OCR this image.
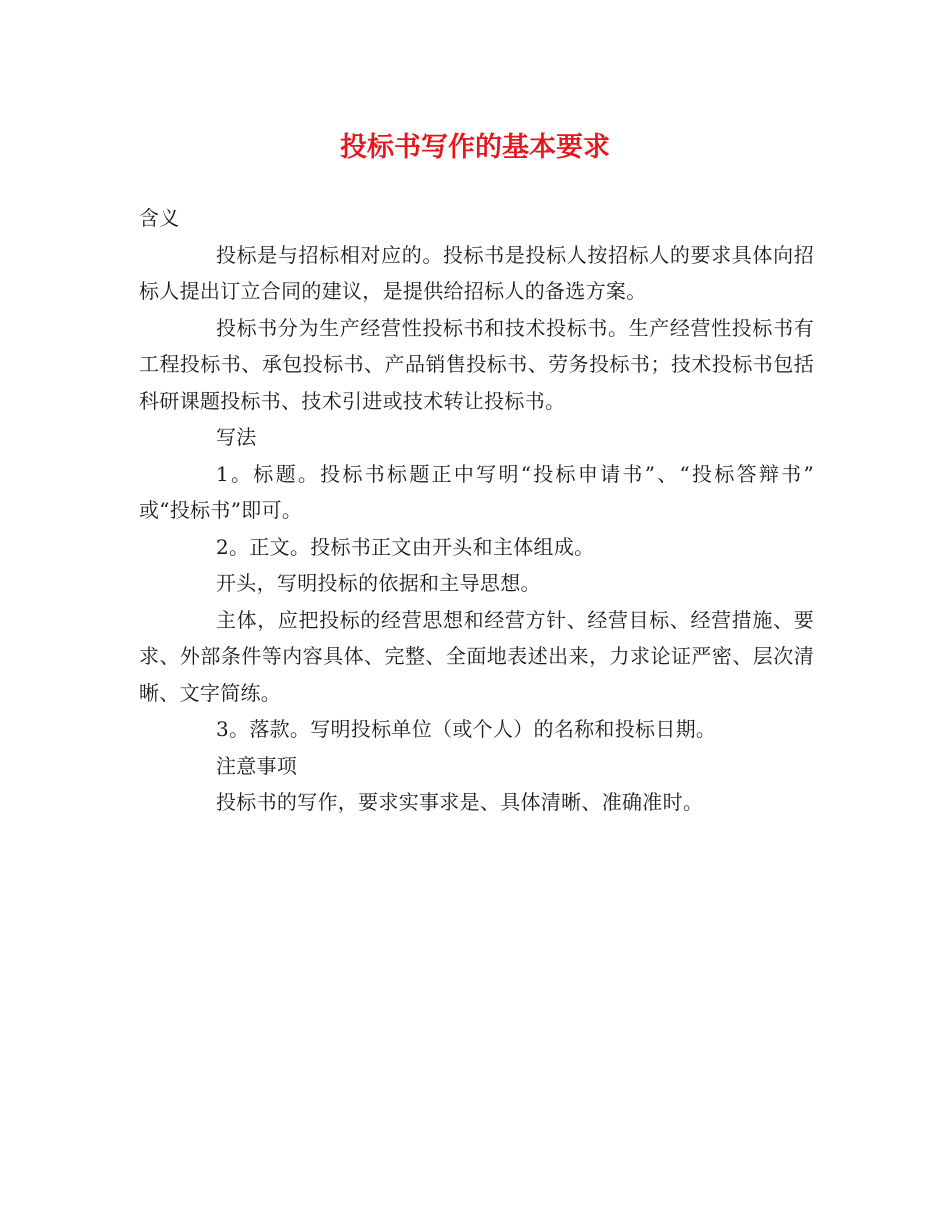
投标书写作的基本要求

含义

投标是与招标相对应的。投标书是投标人按招标人的要求具体向招标人提出订立合同的建议，是提供给招标人的备选方案。

投标书分为生产经营性投标书和技术投标书。生产经营性投标书有工程投标书、承包投标书、产品销售投标书、劳务投标书；技术投标书包括科研课题投标书、技术引进或技术转让投标书。

写法

1。标题。投标书标题正中写明“投标申请书”、“投标答辩书” 或“投标书”即可。

2。正文。投标书正文由开头和主体组成。

开头，写明投标的依据和主导思想。

主体，应把投标的经营思想和经营方针、经营目标、经营措施、要求、外部条件等内容具体、完整、全面地表述出来，力求论证严密、层次清晰、文字简练。

3。落款。写明投标单位（或个人）的名称和投标日期。

注意事项

投标书的写作，要求实事求是、具体清晰、准确准时。
